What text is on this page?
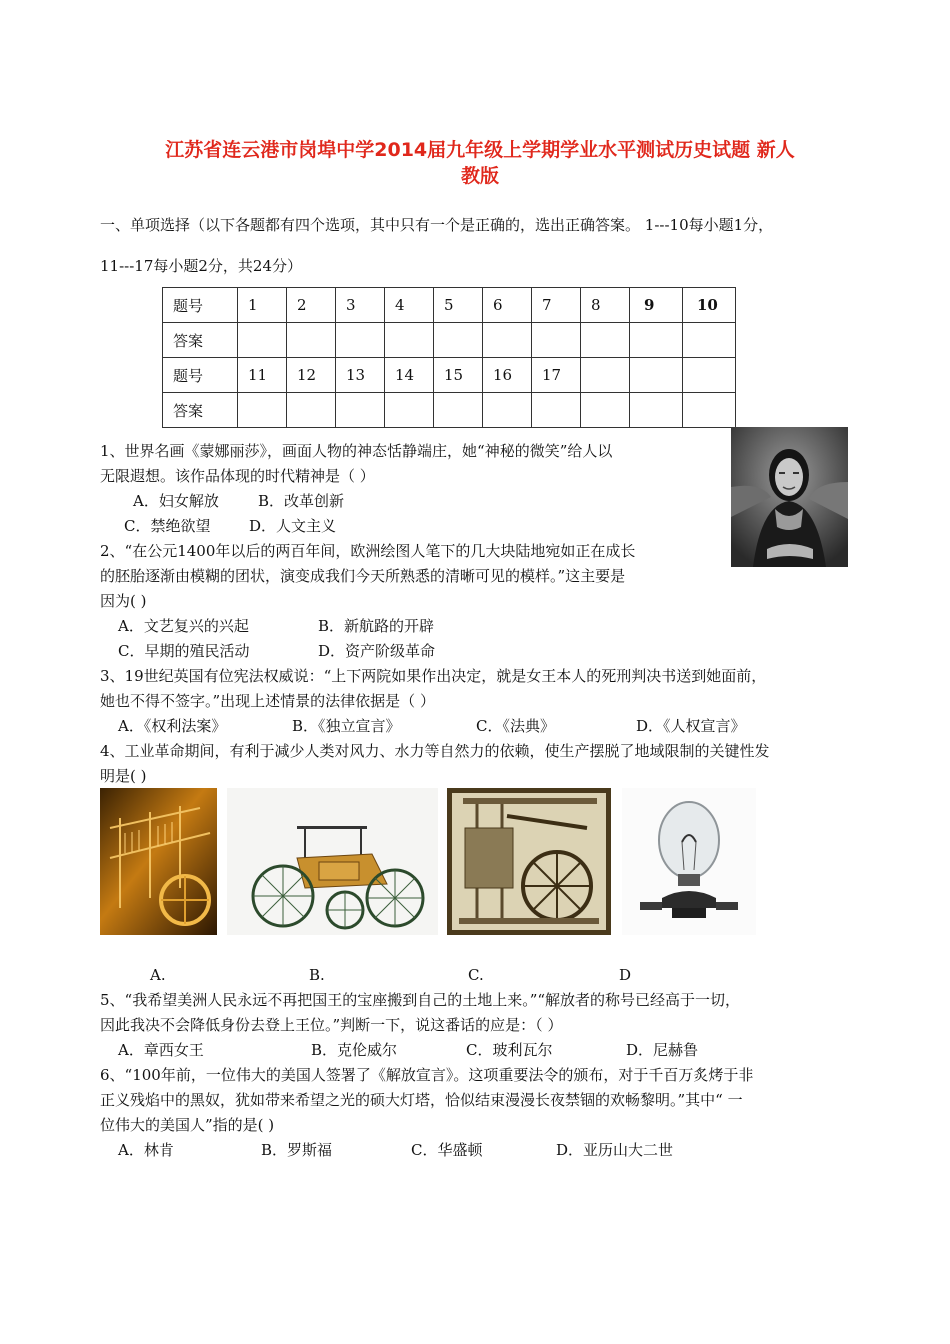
江苏省连云港市岗埠中学2014届九年级上学期学业水平测试历史试题 新人
教版
一、单项选择（以下各题都有四个选项，其中只有一个是正确的，选出正确答案。 1---10每小题1分，
11---17每小题2分，共24分）
题号	1	2	3	4	5	6	7	8	9	10
答案										
题号	11	12	13	14	15	16	17			
答案										
1、世界名画《蒙娜丽莎》，画面人物的神态恬静端庄，她“神秘的微笑”给人以
无限遐想。该作品体现的时代精神是（ ）
A．妇女解放	B．改革创新
C．禁绝欲望	D．人文主义
2、“在公元1400年以后的两百年间，欧洲绘图人笔下的几大块陆地宛如正在成长
的胚胎逐渐由模糊的团状，演变成我们今天所熟悉的清晰可见的模样。”这主要是
因为( )
A．文艺复兴的兴起	B．新航路的开辟
C．早期的殖民活动	D．资产阶级革命
3、19世纪英国有位宪法权威说：“上下两院如果作出决定，就是女王本人的死刑判决书送到她面前，
她也不得不签字。”出现上述情景的法律依据是（ ）
A．《权利法案》	B．《独立宣言》	C．《法典》	D．《人权宣言》
4、工业革命期间，有利于减少人类对风力、水力等自然力的依赖，使生产摆脱了地域限制的关键性发
明是( )
A.	B.	C.	D
5、“我希望美洲人民永远不再把国王的宝座搬到自己的土地上来。”“解放者的称号已经高于一切，
因此我决不会降低身份去登上王位。”判断一下，说这番话的应是：（ ）
A．章西女王	B．克伦威尔	C．玻利瓦尔	D．尼赫鲁
6、“100年前，一位伟大的美国人签署了《解放宣言》。这项重要法令的颁布，对于千百万炙烤于非
正义残焰中的黑奴，犹如带来希望之光的硕大灯塔，恰似结束漫漫长夜禁锢的欢畅黎明。”其中“ 一
位伟大的美国人”指的是( )
A．林肯	B．罗斯福	C．华盛顿	D．亚历山大二世
